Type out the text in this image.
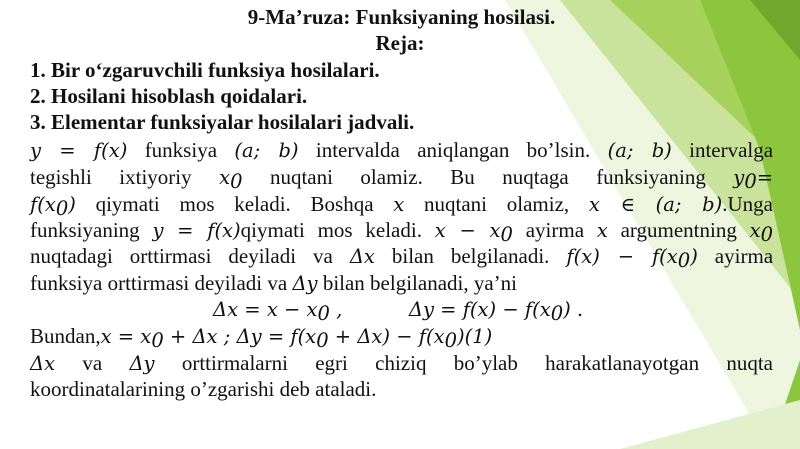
9-Ma’ruza: Funksiyaning hosilasi.
Reja:
1. Bir o‘zgaruvchili funksiya hosilalari.
2. Hosilani hisoblash qoidalari.
3. Elementar funksiyalar hosilalari jadvali.
y = f(x) funksiya (a; b) intervalda aniqlangan bo’lsin. (a; b) intervalga
tegishli ixtiyoriy $x_0$ nuqtani olamiz. Bu nuqtaga funksiyaning $y_0=$
$f(x_0)$ qiymati mos keladi. Boshqa x nuqtani olamiz, x ∈ (a; b).Unga
funksiyaning y = f(x)qiymati mos keladi. $x - x_0$ ayirma x argumentning $x_0$
nuqtadagi orttirmasi deyiladi va Δx bilan belgilanadi. $f(x) - f(x_0)$ ayirma
funksiya orttirmasi deyiladi va Δy bilan belgilanadi, ya’ni
$\Delta x = x - x_0$ ,	$\Delta y = f(x) - f(x_0)$ .
Bundan,x = $x_0 + \Delta x$ ; $\Delta y = f(x_0 + \Delta x) - f(x_0)(1)$
Δx va Δy orttirmalarni egri chiziq bo’ylab harakatlanayotgan nuqta
koordinatalarining o’zgarishi deb ataladi.
